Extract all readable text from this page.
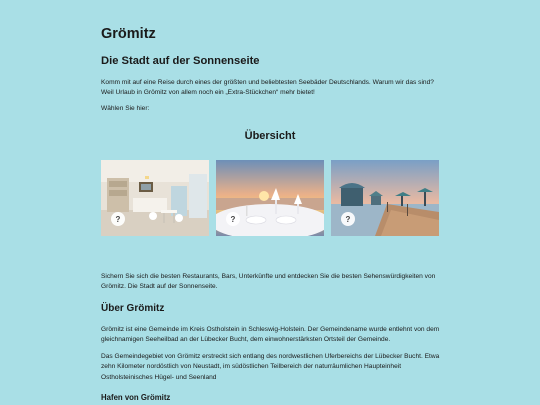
Grömitz
Die Stadt auf der Sonnenseite

Komm mit auf eine Reise durch eines der größten und beliebtesten Seebäder Deutschlands. Warum wir das sind? Weil Urlaub in Grömitz von allem noch ein „Extra-Stückchen“ mehr bietet!

Wählen Sie hier:

Übersicht
?	?	?

Sichern Sie sich die besten Restaurants, Bars, Unterkünfte und entdecken Sie die besten Sehenswürdigkeiten von Grömitz. Die Stadt auf der Sonnenseite.

Über Grömitz

Grömitz ist eine Gemeinde im Kreis Ostholstein in Schleswig-Holstein. Der Gemeindename wurde entlehnt von dem gleichnamigen Seeheilbad an der Lübecker Bucht, dem einwohnerstärksten Ortsteil der Gemeinde.

Das Gemeindegebiet von Grömitz erstreckt sich entlang des nordwestlichen Uferbereichs der Lübecker Bucht. Etwa zehn Kilometer nordöstlich von Neustadt, im südöstlichen Teilbereich der naturräumlichen Haupteinheit Ostholsteinisches Hügel- und Seenland

Hafen von Grömitz
